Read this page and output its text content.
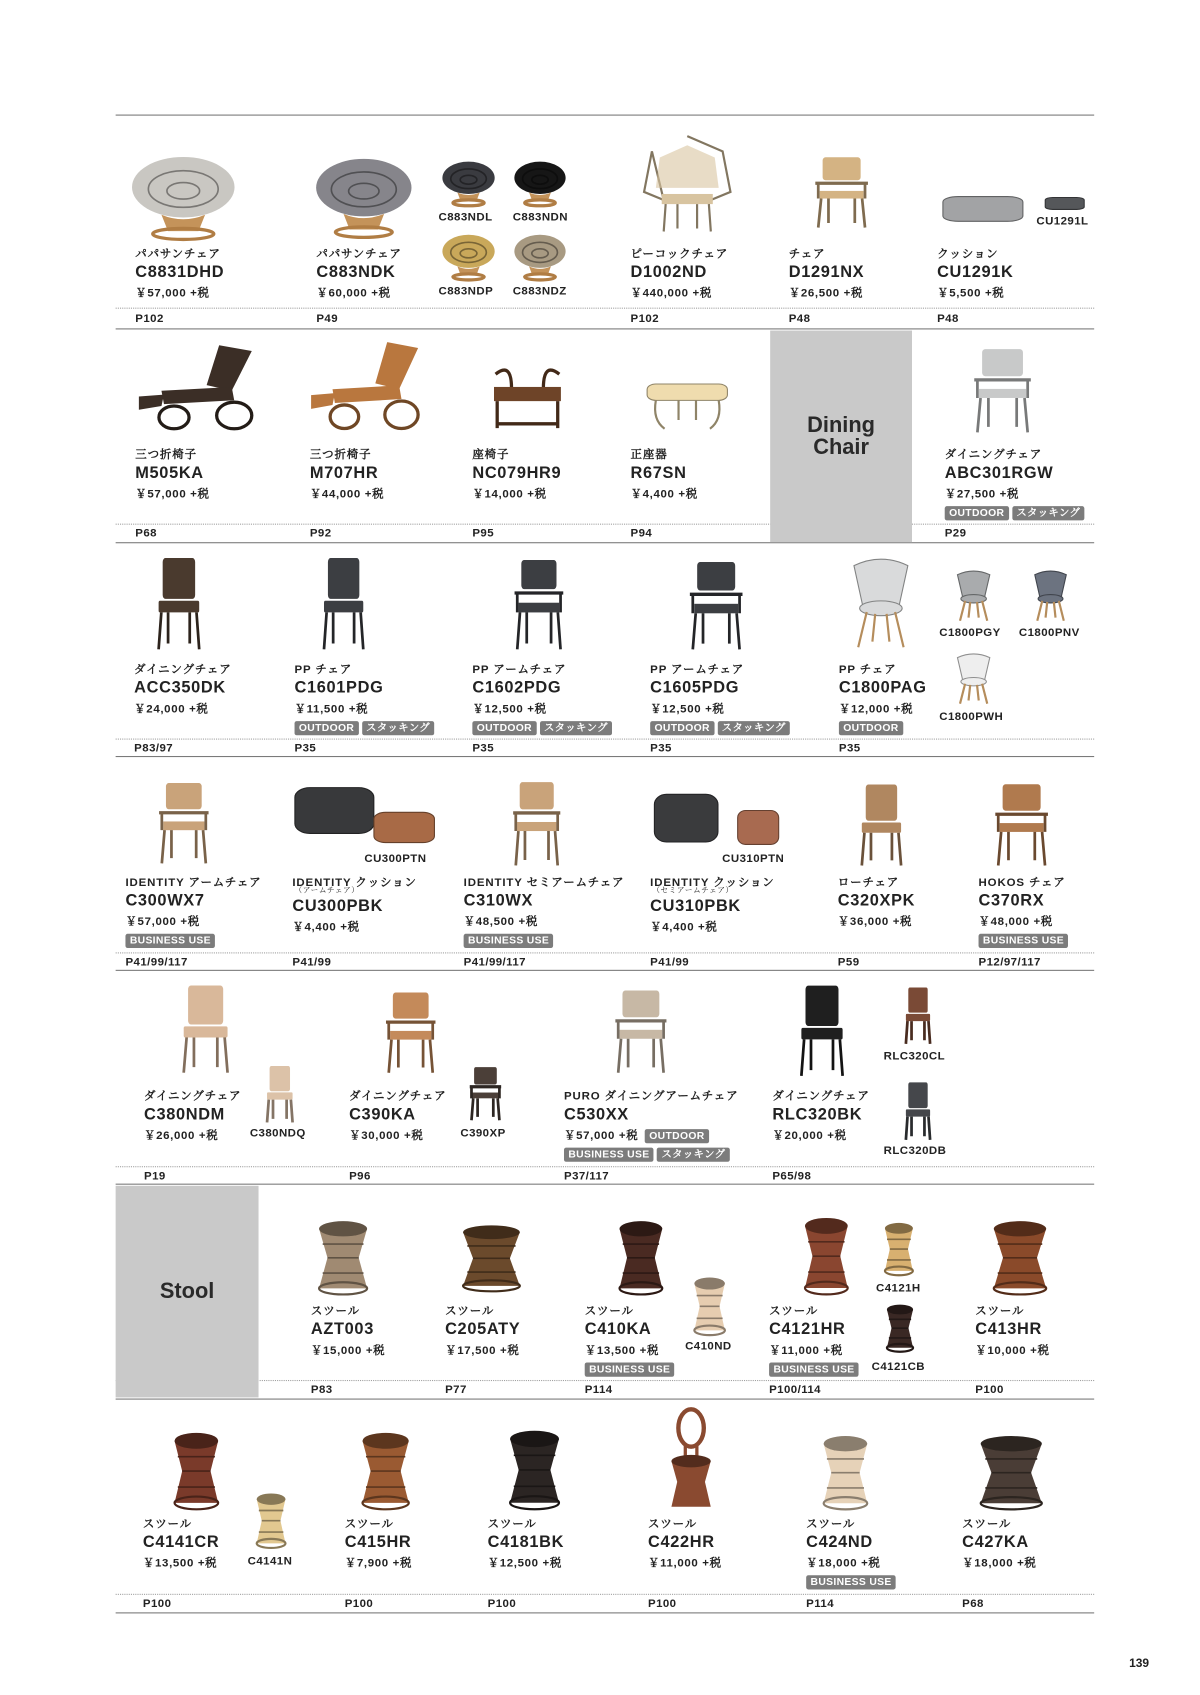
Dining Chair
Stool
139
パパサンチェア
C8831DHD
￥57,000 +税
P102
パパサンチェア
C883NDK
￥60,000 +税
P49
C883NDL C883NDN
C883NDP C883NDZ
ピーコックチェア
D1002ND
￥440,000 +税
P102
チェア
D1291NX
￥26,500 +税
P48
クッション
CU1291K
￥5,500 +税
P48
CU1291L
三つ折椅子
M505KA
￥57,000 +税
P68
三つ折椅子
M707HR
￥44,000 +税
P92
座椅子
NC079HR9
￥14,000 +税
P95
正座器
R67SN
￥4,400 +税
P94
ダイニングチェア
ABC301RGW
￥27,500 +税
OUTDOOR	スタッキング
P29
ダイニングチェア
ACC350DK
￥24,000 +税
P83/97
PP チェア
C1601PDG
￥11,500 +税
OUTDOOR	スタッキング
P35
PP アームチェア
C1602PDG
￥12,500 +税
OUTDOOR	スタッキング
P35
PP アームチェア
C1605PDG
￥12,500 +税
OUTDOOR	スタッキング
P35
PP チェア
C1800PAG
￥12,000 +税
OUTDOOR
P35
C1800PGY C1800PNV
C1800PWH
IDENTITY アームチェア
C300WX7
￥57,000 +税
BUSINESS USE
P41/99/117
IDENTITY クッション
（アームチェア）
CU300PBK
￥4,400 +税
P41/99
CU300PTN
IDENTITY セミアームチェア
C310WX
￥48,500 +税
BUSINESS USE
P41/99/117
IDENTITY クッション
（セミアームチェア）
CU310PBK
￥4,400 +税
P41/99
CU310PTN
ローチェア
C320XPK
￥36,000 +税
P59
HOKOS チェア
C370RX
￥48,000 +税
BUSINESS USE
P12/97/117
ダイニングチェア
C380NDM
￥26,000 +税
P19
C380NDQ
ダイニングチェア
C390KA
￥30,000 +税
P96
C390XP
PURO ダイニングアームチェア
C530XX
￥57,000 +税	OUTDOOR
BUSINESS USE	スタッキング
P37/117
ダイニングチェア
RLC320BK
￥20,000 +税
P65/98
RLC320CL
RLC320DB
スツール
AZT003
￥15,000 +税
P83
スツール
C205ATY
￥17,500 +税
P77
スツール
C410KA
￥13,500 +税
BUSINESS USE
P114
C410ND
スツール
C4121HR
￥11,000 +税
BUSINESS USE
P100/114
C4121H
C4121CB
スツール
C413HR
￥10,000 +税
P100
スツール
C4141CR
￥13,500 +税
P100
C4141N
スツール
C415HR
￥7,900 +税
P100
スツール
C4181BK
￥12,500 +税
P100
スツール
C422HR
￥11,000 +税
P100
スツール
C424ND
￥18,000 +税
BUSINESS USE
P114
スツール
C427KA
￥18,000 +税
P68
